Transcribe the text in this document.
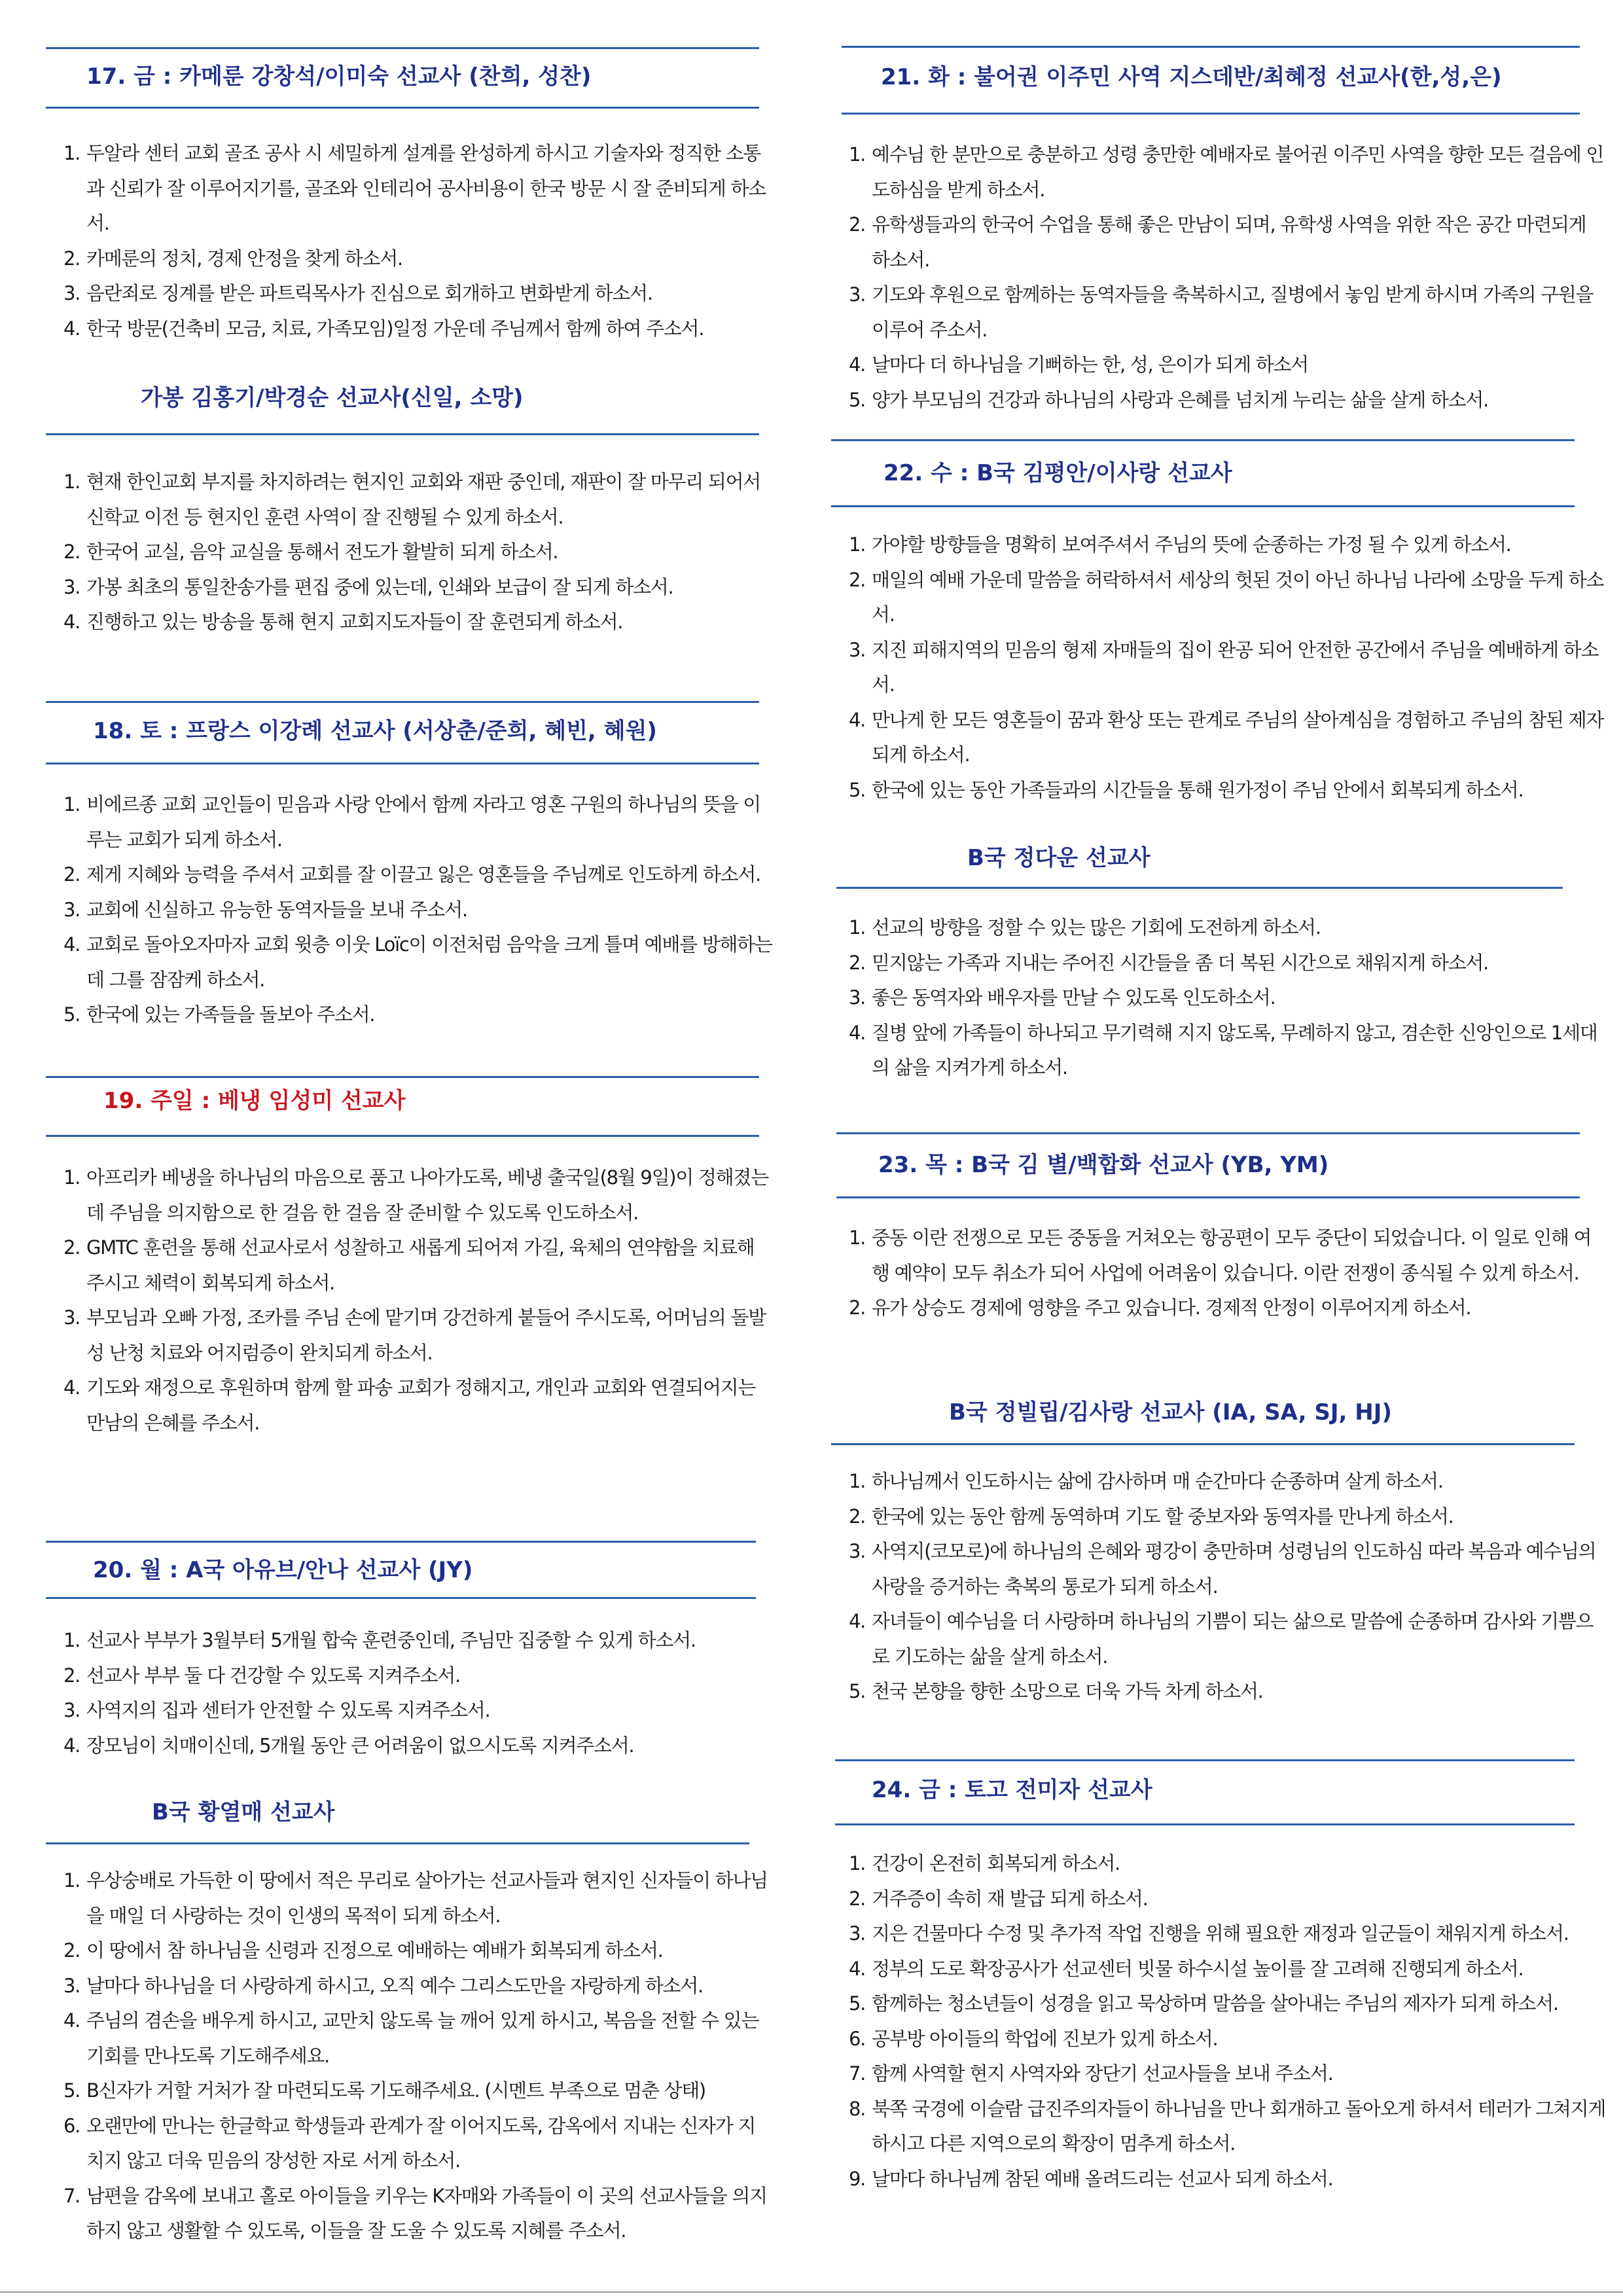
17. 금 : 카메룬 강창석/이미숙 선교사 (찬희, 성찬)
1. 두알라 센터 교회 골조 공사 시 세밀하게 설계를 완성하게 하시고 기술자와 정직한 소통과 신뢰가 잘 이루어지기를, 골조와 인테리어 공사비용이 한국 방문 시 잘 준비되게 하소서.
2. 카메룬의 정치, 경제 안정을 찾게 하소서.
3. 음란죄로 징계를 받은 파트릭목사가 진심으로 회개하고 변화받게 하소서.
4. 한국 방문(건축비 모금, 치료, 가족모임)일정 가운데 주님께서 함께 하여 주소서.
가봉 김홍기/박경순 선교사(신일, 소망)
1. 현재 한인교회 부지를 차지하려는 현지인 교회와 재판 중인데, 재판이 잘 마무리 되어서 신학교 이전 등 현지인 훈련 사역이 잘 진행될 수 있게 하소서.
2. 한국어 교실, 음악 교실을 통해서 전도가 활발히 되게 하소서.
3. 가봉 최초의 통일찬송가를 편집 중에 있는데, 인쇄와 보급이 잘 되게 하소서.
4. 진행하고 있는 방송을 통해 현지 교회지도자들이 잘 훈련되게 하소서.
18. 토 : 프랑스 이강례 선교사 (서상춘/준희, 혜빈, 혜원)
1. 비에르종 교회 교인들이 믿음과 사랑 안에서 함께 자라고 영혼 구원의 하나님의 뜻을 이루는 교회가 되게 하소서.
2. 제게 지혜와 능력을 주셔서 교회를 잘 이끌고 잃은 영혼들을 주님께로 인도하게 하소서.
3. 교회에 신실하고 유능한 동역자들을 보내 주소서.
4. 교회로 돌아오자마자 교회 윗층 이웃 Loïc이 이전처럼 음악을 크게 틀며 예배를 방해하는데 그를 잠잠케 하소서.
5. 한국에 있는 가족들을 돌보아 주소서.
19. 주일 : 베냉 임성미 선교사
1. 아프리카 베냉을 하나님의 마음으로 품고 나아가도록, 베냉 출국일(8월 9일)이 정해졌는데 주님을 의지함으로 한 걸음 한 걸음 잘 준비할 수 있도록 인도하소서.
2. GMTC 훈련을 통해 선교사로서 성찰하고 새롭게 되어져 가길, 육체의 연약함을 치료해 주시고 체력이 회복되게 하소서.
3. 부모님과 오빠 가정, 조카를 주님 손에 맡기며 강건하게 붙들어 주시도록, 어머님의 돌발성 난청 치료와 어지럼증이 완치되게 하소서.
4. 기도와 재정으로 후원하며 함께 할 파송 교회가 정해지고, 개인과 교회와 연결되어지는 만남의 은혜를 주소서.
20. 월 : A국 아유브/안나 선교사 (JY)
1. 선교사 부부가 3월부터 5개월 합숙 훈련중인데, 주님만 집중할 수 있게 하소서.
2. 선교사 부부 둘 다 건강할 수 있도록 지켜주소서.
3. 사역지의 집과 센터가 안전할 수 있도록 지켜주소서.
4. 장모님이 치매이신데, 5개월 동안 큰 어려움이 없으시도록 지켜주소서.
B국 황열매 선교사
1. 우상숭배로 가득한 이 땅에서 적은 무리로 살아가는 선교사들과 현지인 신자들이 하나님을 매일 더 사랑하는 것이 인생의 목적이 되게 하소서.
2. 이 땅에서 참 하나님을 신령과 진정으로 예배하는 예배가 회복되게 하소서.
3. 날마다 하나님을 더 사랑하게 하시고, 오직 예수 그리스도만을 자랑하게 하소서.
4. 주님의 겸손을 배우게 하시고, 교만치 않도록 늘 깨어 있게 하시고, 복음을 전할 수 있는 기회를 만나도록 기도해주세요.
5. B신자가 거할 거처가 잘 마련되도록 기도해주세요. (시멘트 부족으로 멈춘 상태)
6. 오랜만에 만나는 한글학교 학생들과 관계가 잘 이어지도록, 감옥에서 지내는 신자가 지치지 않고 더욱 믿음의 장성한 자로 서게 하소서.
7. 남편을 감옥에 보내고 홀로 아이들을 키우는 K자매와 가족들이 이 곳의 선교사들을 의지하지 않고 생활할 수 있도록, 이들을 잘 도울 수 있도록 지혜를 주소서.
21. 화 : 불어권 이주민 사역 지스데반/최혜정 선교사(한,성,은)
1. 예수님 한 분만으로 충분하고 성령 충만한 예배자로 불어권 이주민 사역을 향한 모든 걸음에 인도하심을 받게 하소서.
2. 유학생들과의 한국어 수업을 통해 좋은 만남이 되며, 유학생 사역을 위한 작은 공간 마련되게 하소서.
3. 기도와 후원으로 함께하는 동역자들을 축복하시고, 질병에서 놓임 받게 하시며 가족의 구원을 이루어 주소서.
4. 날마다 더 하나님을 기뻐하는 한, 성, 은이가 되게 하소서
5. 양가 부모님의 건강과 하나님의 사랑과 은혜를 넘치게 누리는 삶을 살게 하소서.
22. 수 : B국 김평안/이사랑 선교사
1. 가야할 방향들을 명확히 보여주셔서 주님의 뜻에 순종하는 가정 될 수 있게 하소서.
2. 매일의 예배 가운데 말씀을 허락하셔서 세상의 헛된 것이 아닌 하나님 나라에 소망을 두게 하소서.
3. 지진 피해지역의 믿음의 형제 자매들의 집이 완공 되어 안전한 공간에서 주님을 예배하게 하소서.
4. 만나게 한 모든 영혼들이 꿈과 환상 또는 관계로 주님의 살아계심을 경험하고 주님의 참된 제자 되게 하소서.
5. 한국에 있는 동안 가족들과의 시간들을 통해 원가정이 주님 안에서 회복되게 하소서.
B국 정다운 선교사
1. 선교의 방향을 정할 수 있는 많은 기회에 도전하게 하소서.
2. 믿지않는 가족과 지내는 주어진 시간들을 좀 더 복된 시간으로 채워지게 하소서.
3. 좋은 동역자와 배우자를 만날 수 있도록 인도하소서.
4. 질병 앞에 가족들이 하나되고 무기력해 지지 않도록, 무례하지 않고, 겸손한 신앙인으로 1세대의 삶을 지켜가게 하소서.
23. 목 : B국 김 별/백합화 선교사 (YB, YM)
1. 중동 이란 전쟁으로 모든 중동을 거쳐오는 항공편이 모두 중단이 되었습니다. 이 일로 인해 여행 예약이 모두 취소가 되어 사업에 어려움이 있습니다. 이란 전쟁이 종식될 수 있게 하소서.
2. 유가 상승도 경제에 영향을 주고 있습니다. 경제적 안정이 이루어지게 하소서.
B국 정빌립/김사랑 선교사 (IA, SA, SJ, HJ)
1. 하나님께서 인도하시는 삶에 감사하며 매 순간마다 순종하며 살게 하소서.
2. 한국에 있는 동안 함께 동역하며 기도 할 중보자와 동역자를 만나게 하소서.
3. 사역지(코모로)에 하나님의 은혜와 평강이 충만하며 성령님의 인도하심 따라 복음과 예수님의 사랑을 증거하는 축복의 통로가 되게 하소서.
4. 자녀들이 예수님을 더 사랑하며 하나님의 기쁨이 되는 삶으로 말씀에 순종하며 감사와 기쁨으로 기도하는 삶을 살게 하소서.
5. 천국 본향을 향한 소망으로 더욱 가득 차게 하소서.
24. 금 : 토고 전미자 선교사
1. 건강이 온전히 회복되게 하소서.
2. 거주증이 속히 재 발급 되게 하소서.
3. 지은 건물마다 수정 및 추가적 작업 진행을 위해 필요한 재정과 일군들이 채워지게 하소서.
4. 정부의 도로 확장공사가 선교센터 빗물 하수시설 높이를 잘 고려해 진행되게 하소서.
5. 함께하는 청소년들이 성경을 읽고 묵상하며 말씀을 살아내는 주님의 제자가 되게 하소서.
6. 공부방 아이들의 학업에 진보가 있게 하소서.
7. 함께 사역할 현지 사역자와 장단기 선교사들을 보내 주소서.
8. 북쪽 국경에 이슬람 급진주의자들이 하나님을 만나 회개하고 돌아오게 하셔서 테러가 그쳐지게 하시고 다른 지역으로의 확장이 멈추게 하소서.
9. 날마다 하나님께 참된 예배 올려드리는 선교사 되게 하소서.
